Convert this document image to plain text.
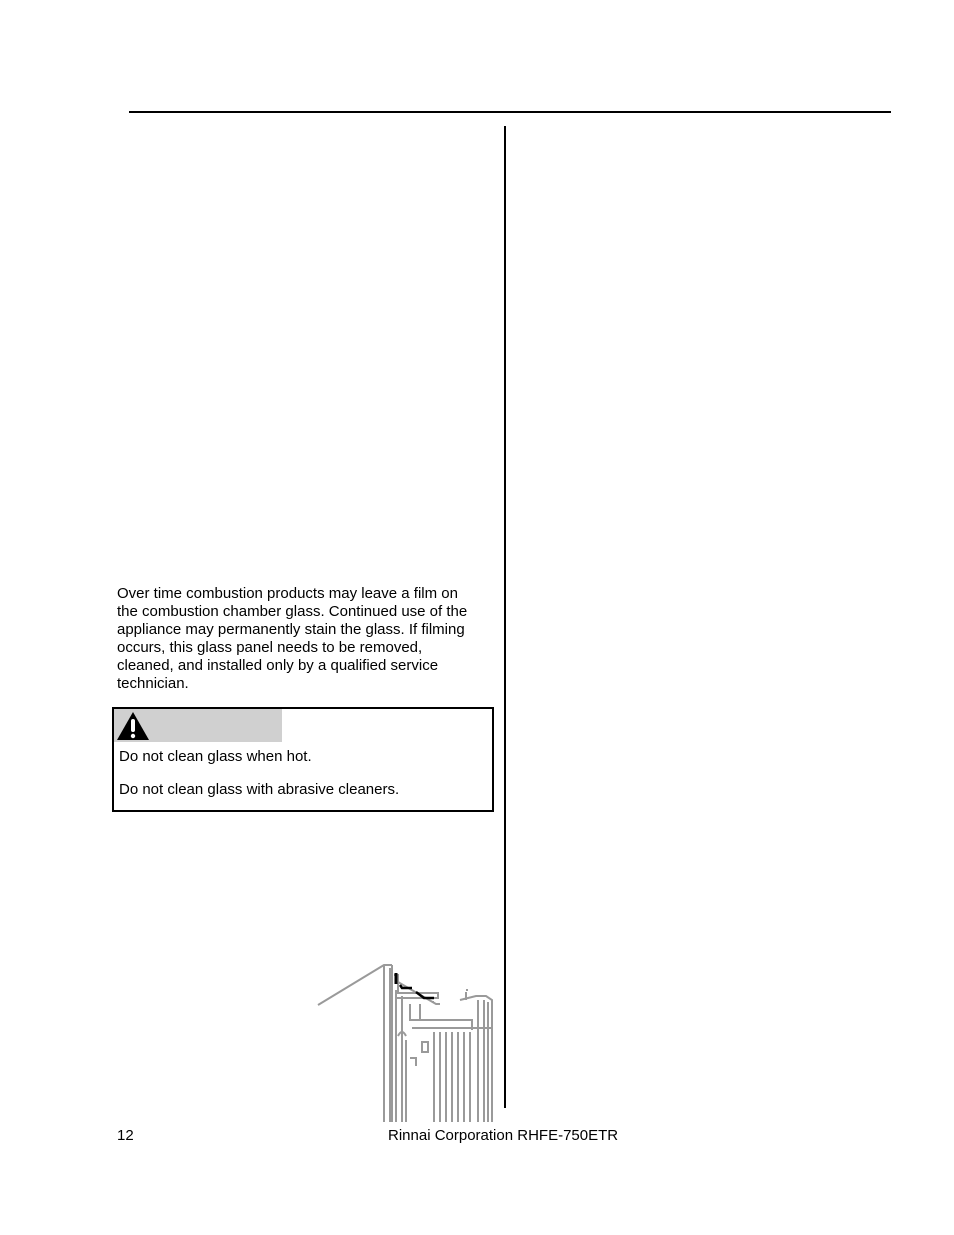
Over time combustion products may leave a film on
the combustion chamber glass. Continued use of the
appliance may permanently stain the glass. If filming
occurs, this glass panel needs to be removed,
cleaned, and installed only by a qualified service
technician.

Do not clean glass when hot.

Do not clean glass with abrasive cleaners.

12	Rinnai Corporation RHFE-750ETR
